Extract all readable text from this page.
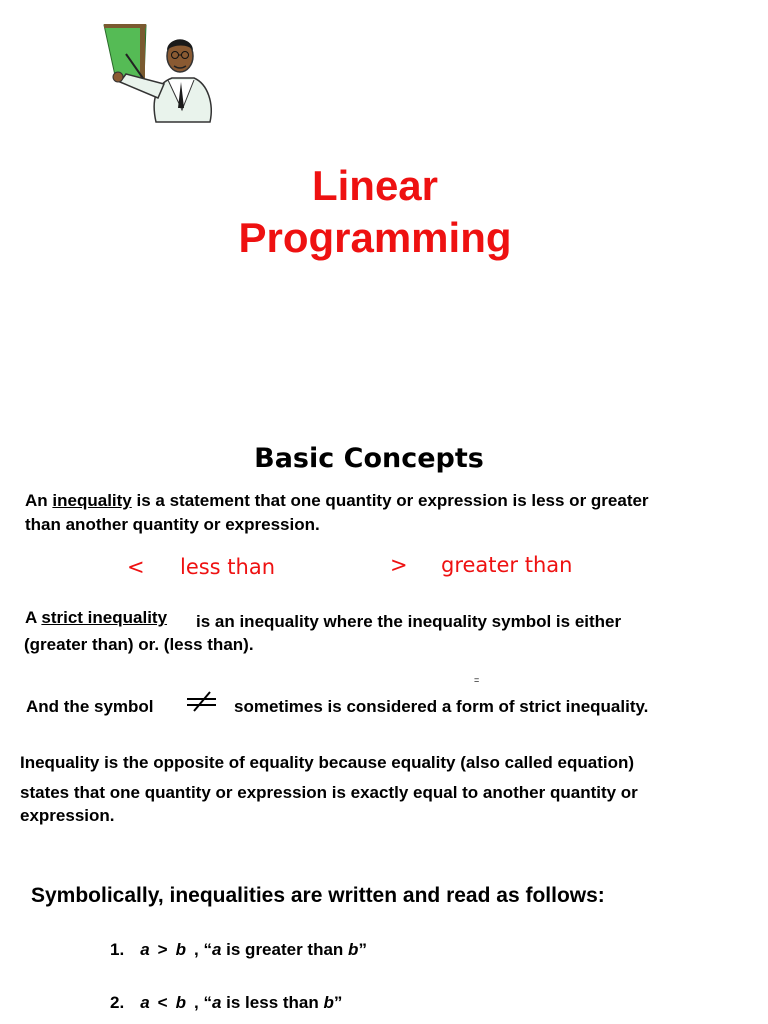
Linear
Programming
Basic Concepts
An inequality is a statement that one quantity or expression is less or greater
than another quantity or expression.
< less than	> greater than
A strict inequality is an inequality where the inequality symbol is either
(greater than) or. (less than).
=
And the symbol	sometimes is considered a form of strict inequality.
Inequality is the opposite of equality because equality (also called equation)
states that one quantity or expression is exactly equal to another quantity or
expression.
Symbolically, inequalities are written and read as follows:
1. a > b , “a is greater than b”
2. a < b , “a is less than b”
